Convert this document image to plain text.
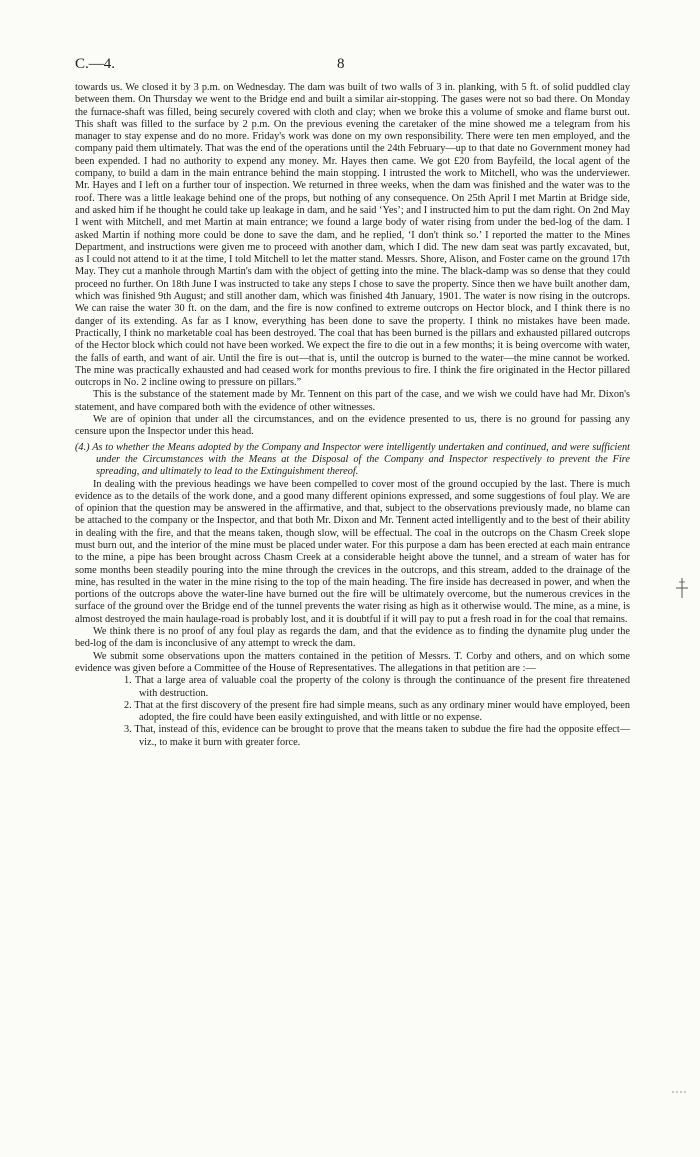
C.—4.	8

towards us. We closed it by 3 p.m. on Wednesday. The dam was built of two walls of 3 in. planking, with 5 ft. of solid puddled clay between them. On Thursday we went to the Bridge end and built a similar air-stopping. The gases were not so bad there. On Monday the furnace-shaft was filled, being securely covered with cloth and clay; when we broke this a volume of smoke and flame burst out. This shaft was filled to the surface by 2 p.m. On the previous evening the caretaker of the mine showed me a telegram from his manager to stay expense and do no more. Friday's work was done on my own responsibility. There were ten men employed, and the company paid them ultimately. That was the end of the operations until the 24th February—up to that date no Government money had been expended. I had no authority to expend any money. Mr. Hayes then came. We got £20 from Bayfeild, the local agent of the company, to build a dam in the main entrance behind the main stopping. I intrusted the work to Mitchell, who was the underviewer. Mr. Hayes and I left on a further tour of inspection. We returned in three weeks, when the dam was finished and the water was to the roof. There was a little leakage behind one of the props, but nothing of any consequence. On 25th April I met Martin at Bridge side, and asked him if he thought he could take up leakage in dam, and he said ‘Yes’; and I instructed him to put the dam right. On 2nd May I went with Mitchell, and met Martin at main entrance; we found a large body of water rising from under the bed-log of the dam. I asked Martin if nothing more could be done to save the dam, and he replied, ‘I don't think so.’ I reported the matter to the Mines Department, and instructions were given me to proceed with another dam, which I did. The new dam seat was partly excavated, but, as I could not attend to it at the time, I told Mitchell to let the matter stand. Messrs. Shore, Alison, and Foster came on the ground 17th May. They cut a manhole through Martin's dam with the object of getting into the mine. The black-damp was so dense that they could proceed no further. On 18th June I was instructed to take any steps I chose to save the property. Since then we have built another dam, which was finished 9th August; and still another dam, which was finished 4th January, 1901. The water is now rising in the outcrops. We can raise the water 30 ft. on the dam, and the fire is now confined to extreme outcrops on Hector block, and I think there is no danger of its extending. As far as I know, everything has been done to save the property. I think no mistakes have been made. Practically, I think no marketable coal has been destroyed. The coal that has been burned is the pillars and exhausted pillared outcrops of the Hector block which could not have been worked. We expect the fire to die out in a few months; it is being overcome with water, the falls of earth, and want of air. Until the fire is out—that is, until the outcrop is burned to the water—the mine cannot be worked. The mine was practically exhausted and had ceased work for months previous to fire. I think the fire originated in the Hector pillared outcrops in No. 2 incline owing to pressure on pillars.”

This is the substance of the statement made by Mr. Tennent on this part of the case, and we wish we could have had Mr. Dixon's statement, and have compared both with the evidence of other witnesses.

We are of opinion that under all the circumstances, and on the evidence presented to us, there is no ground for passing any censure upon the Inspector under this head.

(4.) As to whether the Means adopted by the Company and Inspector were intelligently undertaken and continued, and were sufficient under the Circumstances with the Means at the Disposal of the Company and Inspector respectively to prevent the Fire spreading, and ultimately to lead to the Extinguishment thereof.

In dealing with the previous headings we have been compelled to cover most of the ground occupied by the last. There is much evidence as to the details of the work done, and a good many different opinions expressed, and some suggestions of foul play. We are of opinion that the question may be answered in the affirmative, and that, subject to the observations previously made, no blame can be attached to the company or the Inspector, and that both Mr. Dixon and Mr. Tennent acted intelligently and to the best of their ability in dealing with the fire, and that the means taken, though slow, will be effectual. The coal in the outcrops on the Chasm Creek slope must burn out, and the interior of the mine must be placed under water. For this purpose a dam has been erected at each main entrance to the mine, a pipe has been brought across Chasm Creek at a considerable height above the tunnel, and a stream of water has for some months been steadily pouring into the mine through the crevices in the outcrops, and this stream, added to the drainage of the mine, has resulted in the water in the mine rising to the top of the main heading. The fire inside has decreased in power, and when the portions of the outcrops above the water-line have burned out the fire will be ultimately overcome, but the numerous crevices in the surface of the ground over the Bridge end of the tunnel prevents the water rising as high as it otherwise would. The mine, as a mine, is almost destroyed the main haulage-road is probably lost, and it is doubtful if it will pay to put a fresh road in for the coal that remains.

We think there is no proof of any foul play as regards the dam, and that the evidence as to finding the dynamite plug under the bed-log of the dam is inconclusive of any attempt to wreck the dam.

We submit some observations upon the matters contained in the petition of Messrs. T. Corby and others, and on which some evidence was given before a Committee of the House of Representatives. The allegations in that petition are :—

1. That a large area of valuable coal the property of the colony is through the continuance of the present fire threatened with destruction.
2. That at the first discovery of the present fire had simple means, such as any ordinary miner would have employed, been adopted, the fire could have been easily extinguished, and with little or no expense.
3. That, instead of this, evidence can be brought to prove that the means taken to subdue the fire had the opposite effect—viz., to make it burn with greater force.
